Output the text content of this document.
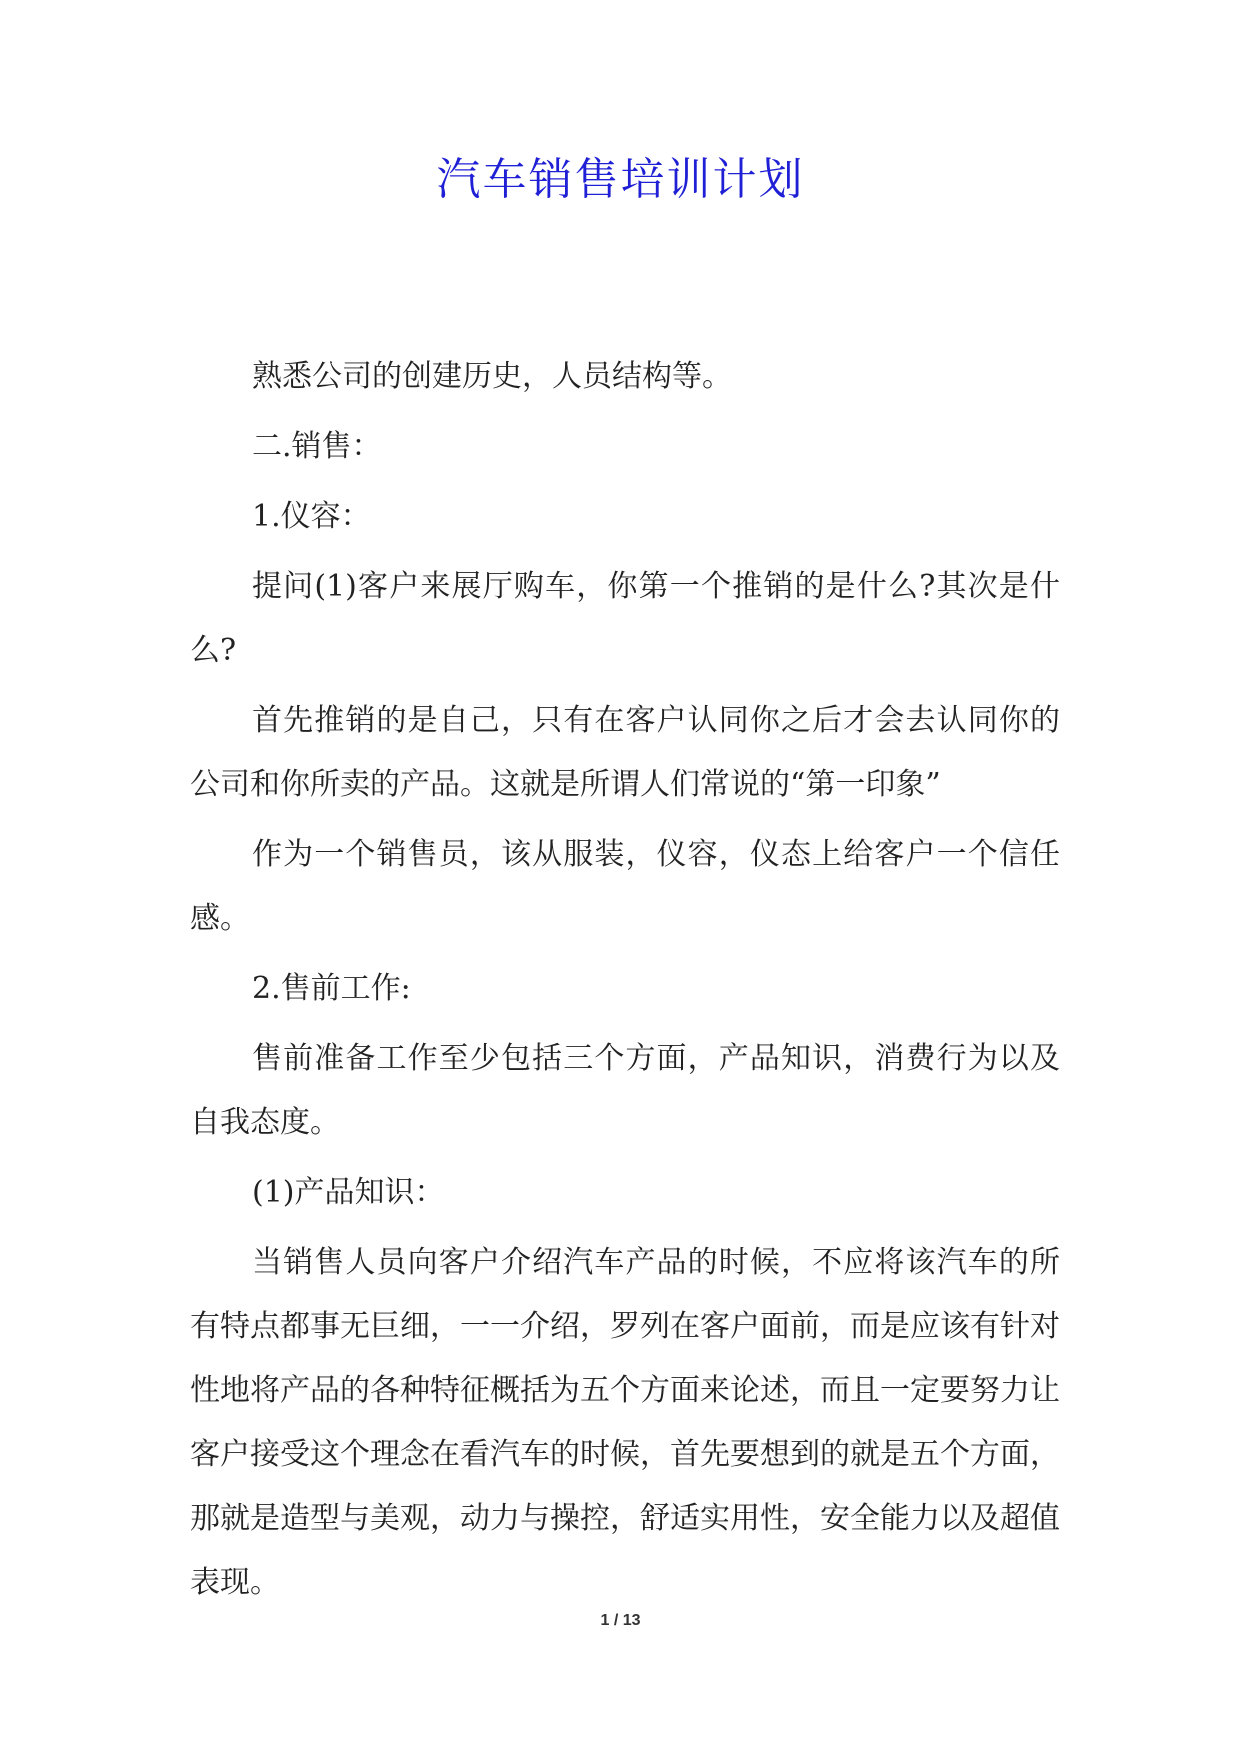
汽车销售培训计划

熟悉公司的创建历史，人员结构等。

二.销售：

1.仪容：

提问(1)客户来展厅购车，你第一个推销的是什么?其次是什么?

首先推销的是自己，只有在客户认同你之后才会去认同你的公司和你所卖的产品。这就是所谓人们常说的“第一印象”

作为一个销售员，该从服装，仪容，仪态上给客户一个信任感。

2.售前工作:

售前准备工作至少包括三个方面，产品知识，消费行为以及自我态度。

(1)产品知识：

当销售人员向客户介绍汽车产品的时候，不应将该汽车的所有特点都事无巨细，一一介绍，罗列在客户面前，而是应该有针对性地将产品的各种特征概括为五个方面来论述，而且一定要努力让客户接受这个理念在看汽车的时候，首先要想到的就是五个方面，那就是造型与美观，动力与操控，舒适实用性，安全能力以及超值表现。

1 / 13
